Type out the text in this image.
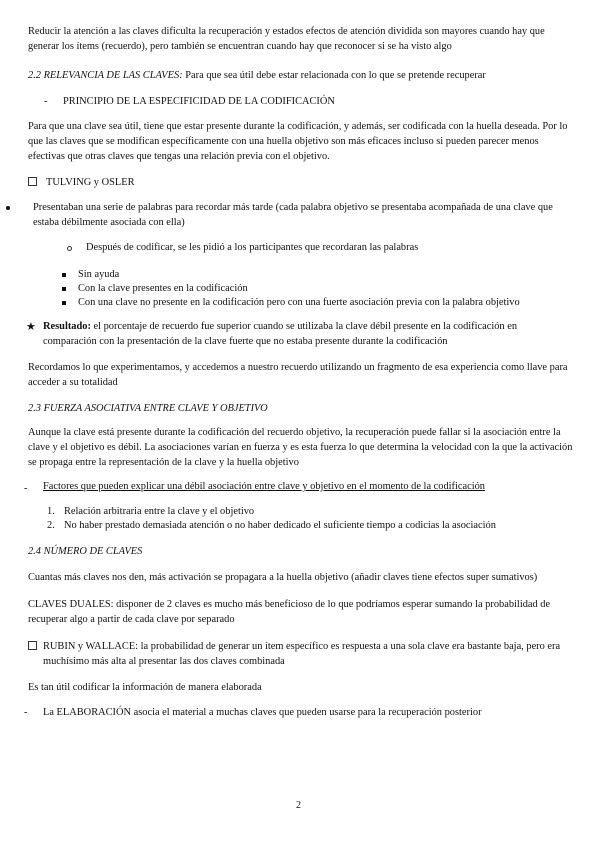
Reducir la atención a las claves dificulta la recuperación y estados efectos de atención dividida son mayores cuando hay que generar los ítems (recuerdo), pero también se encuentran cuando hay que reconocer si se ha visto algo

2.2 RELEVANCIA DE LAS CLAVES: Para que sea útil debe estar relacionada con lo que se pretende recuperar

- PRINCIPIO DE LA ESPECIFICIDAD DE LA CODIFICACIÓN

Para que una clave sea útil, tiene que estar presente durante la codificación, y además, ser codificada con la huella deseada. Por lo que las claves que se modifican específicamente con una huella objetivo son más eficaces incluso si pueden parecer menos efectivas que otras claves que tengas una relación previa con el objetivo.

TULVING y OSLER

Presentaban una serie de palabras para recordar más tarde (cada palabra objetivo se presentaba acompañada de una clave que estaba débilmente asociada con ella)

Después de codificar, se les pidió a los participantes que recordaran las palabras

Sin ayuda

Con la clave presentes en la codificación

Con una clave no presente en la codificación pero con una fuerte asociación previa con la palabra objetivo

★ Resultado: el porcentaje de recuerdo fue superior cuando se utilizaba la clave débil presente en la codificación en comparación con la presentación de la clave fuerte que no estaba presente durante la codificación

Recordamos lo que experimentamos, y accedemos a nuestro recuerdo utilizando un fragmento de esa experiencia como llave para acceder a su totalidad

2.3 FUERZA ASOCIATIVA ENTRE CLAVE Y OBJETIVO

Aunque la clave está presente durante la codificación del recuerdo objetivo, la recuperación puede fallar si la asociación entre la clave y el objetivo es débil. La asociaciones varían en fuerza y es esta fuerza lo que determina la velocidad con la que la activación se propaga entre la representación de la clave y la huella objetivo

- Factores que pueden explicar una débil asociación entre clave y objetivo en el momento de la codificación

1. Relación arbitraria entre la clave y el objetivo

2. No haber prestado demasiada atención o no haber dedicado el suficiente tiempo a codicias la asociación

2.4 NÚMERO DE CLAVES

Cuantas más claves nos den, más activación se propagara a la huella objetivo (añadir claves tiene efectos super sumativos)

CLAVES DUALES: disponer de 2 claves es mucho más beneficioso de lo que podríamos esperar sumando la probabilidad de recuperar algo a partir de cada clave por separado

RUBIN y WALLACE: la probabilidad de generar un ítem específico es respuesta a una sola clave era bastante baja, pero era muchísimo más alta al presentar las dos claves combinada

Es tan útil codificar la información de manera elaborada

- La ELABORACIÓN asocia el material a muchas claves que pueden usarse para la recuperación posterior

2
